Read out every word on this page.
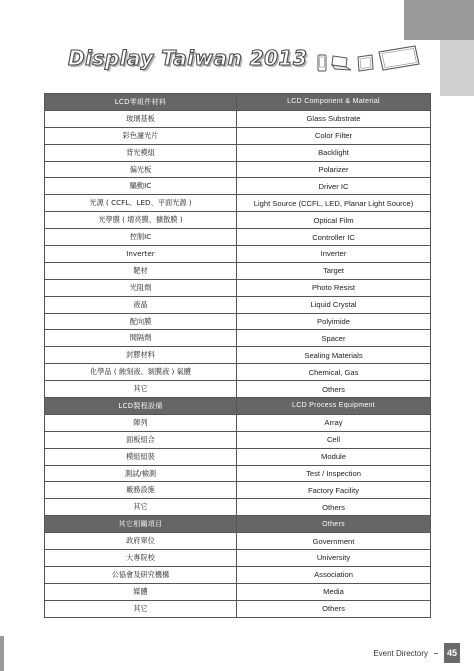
Display Taiwan 2013
LCD零組件材料	LCD Component & Material
玻璃基板	Glass Substrate
彩色濾光片	Color Filter
背光模組	Backlight
偏光板	Polarizer
驅動IC	Driver IC
光源 ( CCFL、LED、平面光源 )	Light Source (CCFL, LED, Planar Light Source)
光學膜 ( 增亮膜、擴散膜 )	Optical Film
控制IC	Controller IC
Inverter	Inverter
靶材	Target
光阻劑	Photo Resist
液晶	Liquid Crystal
配向膜	Polyimide
間隔劑	Spacer
封膠材料	Sealing Materials
化學品 ( 蝕刻液、剝膜液 ) 氣體	Chemical, Gas
其它	Others
LCD製程設備	LCD Process Equipment
陣列	Array
面板組合	Cell
模組組裝	Module
測試/檢測	Test / Inspection
廠務設施	Factory Facility
其它	Others
其它相關項目	Others
政府單位	Government
大專院校	University
公協會及研究機構	Association
媒體	Media
其它	Others
Event Directory	45
